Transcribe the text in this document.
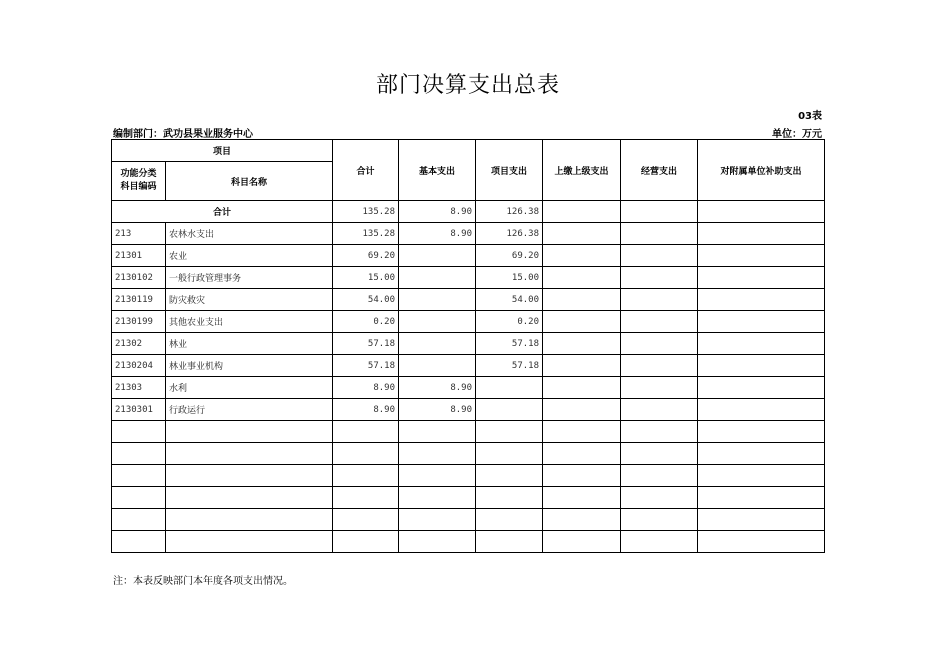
部门决算支出总表
03表
编制部门：武功县果业服务中心	单位：万元
项目		合计	基本支出	项目支出	上缴上级支出	经营支出	对附属单位补助支出

功能分类
科目编码	科目名称						
合计		135.28	8.90	126.38			
213	农林水支出	135.28	8.90	126.38			
21301	农业	69.20		69.20			
2130102	一般行政管理事务	15.00		15.00			
2130119	防灾救灾	54.00		54.00			
2130199	其他农业支出	0.20		0.20			
21302	林业	57.18		57.18			
2130204	林业事业机构	57.18		57.18			
21303	水利	8.90	8.90				
2130301	行政运行	8.90	8.90				

注：本表反映部门本年度各项支出情况。
